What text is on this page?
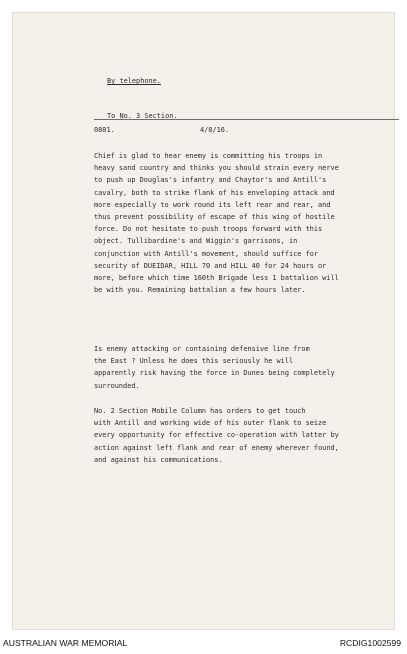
By telephone.
To No. 3 Section.
0801.	4/8/16.
Chief is glad to hear enemy is committing his troops in
heavy sand country and thinks you should strain every nerve
to push up Douglas's infantry and Chaytor's and Antill's
cavalry, both to strike flank of his enveloping attack and
more especially to work round its left rear and rear, and
thus prevent possibility of escape of this wing of hostile
force. Do not hesitate to push troops forward with this
object. Tullibardine's and Wiggin's garrisons, in
conjunction with Antill's movement, should suffice for
security of DUEIDAR, HILL 70 and HILL 40 for 24 hours or
more, before which time 160th Brigade less 1 battalion will
be with you. Remaining battalion a few hours later.
Is enemy attacking or containing defensive line from
the East ? Unless he does this seriously he will
apparently risk having the force in Dunes being completely
surrounded.
No. 2 Section Mobile Column has orders to get touch
with Antill and working wide of his outer flank to seize
every opportunity for effective co-operation with latter by
action against left flank and rear of enemy wherever found,
and against his communications.
AUSTRALIAN WAR MEMORIAL	RCDIG1002599
